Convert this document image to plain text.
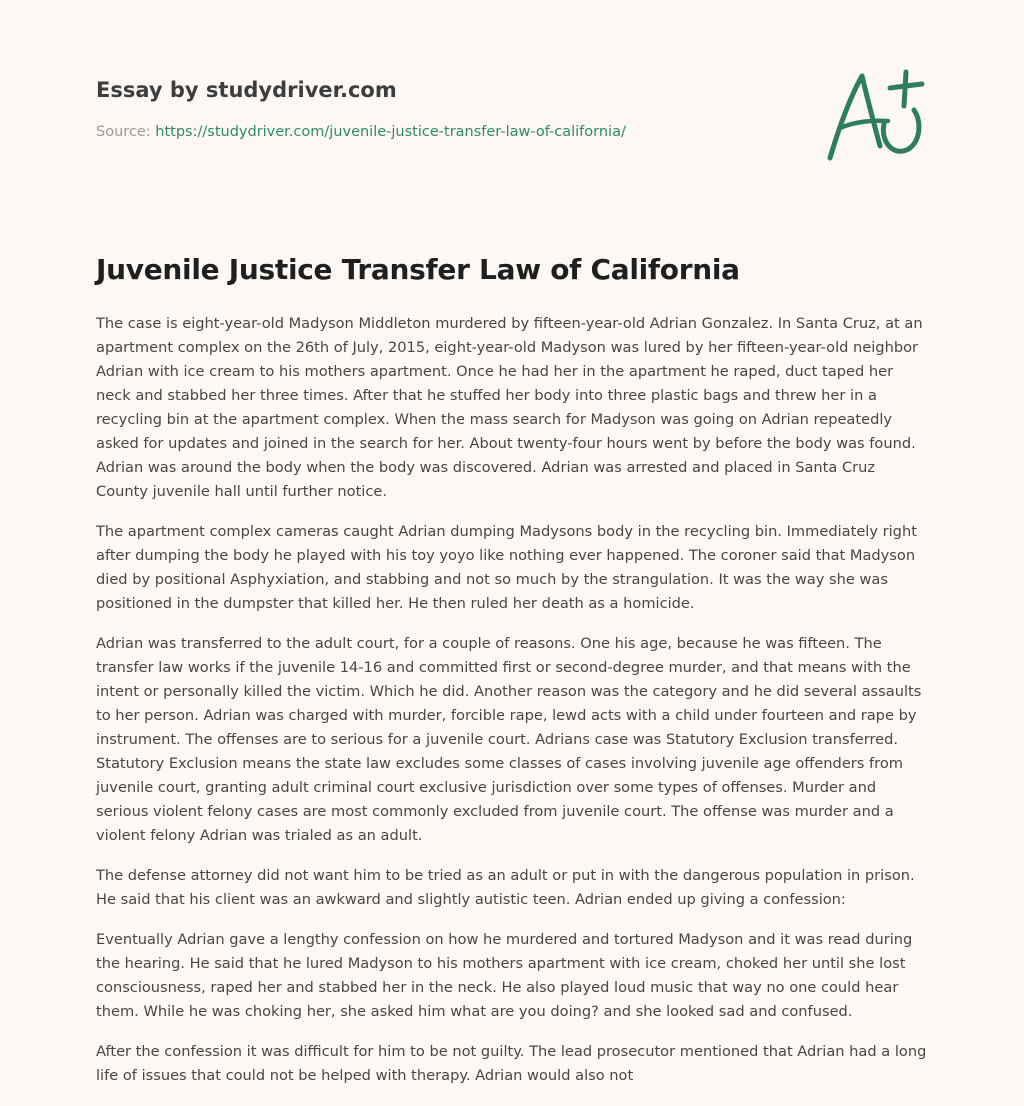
Essay by studydriver.com
Source: https://studydriver.com/juvenile-justice-transfer-law-of-california/
Juvenile Justice Transfer Law of California

The case is eight-year-old Madyson Middleton murdered by fifteen-year-old Adrian Gonzalez. In Santa Cruz, at an apartment complex on the 26th of July, 2015, eight-year-old Madyson was lured by her fifteen-year-old neighbor Adrian with ice cream to his mothers apartment. Once he had her in the apartment he raped, duct taped her neck and stabbed her three times. After that he stuffed her body into three plastic bags and threw her in a recycling bin at the apartment complex. When the mass search for Madyson was going on Adrian repeatedly asked for updates and joined in the search for her. About twenty-four hours went by before the body was found. Adrian was around the body when the body was discovered. Adrian was arrested and placed in Santa Cruz County juvenile hall until further notice.

The apartment complex cameras caught Adrian dumping Madysons body in the recycling bin. Immediately right after dumping the body he played with his toy yoyo like nothing ever happened. The coroner said that Madyson died by positional Asphyxiation, and stabbing and not so much by the strangulation. It was the way she was positioned in the dumpster that killed her. He then ruled her death as a homicide.

Adrian was transferred to the adult court, for a couple of reasons. One his age, because he was fifteen. The transfer law works if the juvenile 14-16 and committed first or second-degree murder, and that means with the intent or personally killed the victim. Which he did. Another reason was the category and he did several assaults to her person. Adrian was charged with murder, forcible rape, lewd acts with a child under fourteen and rape by instrument. The offenses are to serious for a juvenile court. Adrians case was Statutory Exclusion transferred. Statutory Exclusion means the state law excludes some classes of cases involving juvenile age offenders from juvenile court, granting adult criminal court exclusive jurisdiction over some types of offenses. Murder and serious violent felony cases are most commonly excluded from juvenile court. The offense was murder and a violent felony Adrian was trialed as an adult.

The defense attorney did not want him to be tried as an adult or put in with the dangerous population in prison. He said that his client was an awkward and slightly autistic teen. Adrian ended up giving a confession:

Eventually Adrian gave a lengthy confession on how he murdered and tortured Madyson and it was read during the hearing. He said that he lured Madyson to his mothers apartment with ice cream, choked her until she lost consciousness, raped her and stabbed her in the neck. He also played loud music that way no one could hear them. While he was choking her, she asked him what are you doing? and she looked sad and confused.

After the confession it was difficult for him to be not guilty. The lead prosecutor mentioned that Adrian had a long life of issues that could not be helped with therapy. Adrian would also not
